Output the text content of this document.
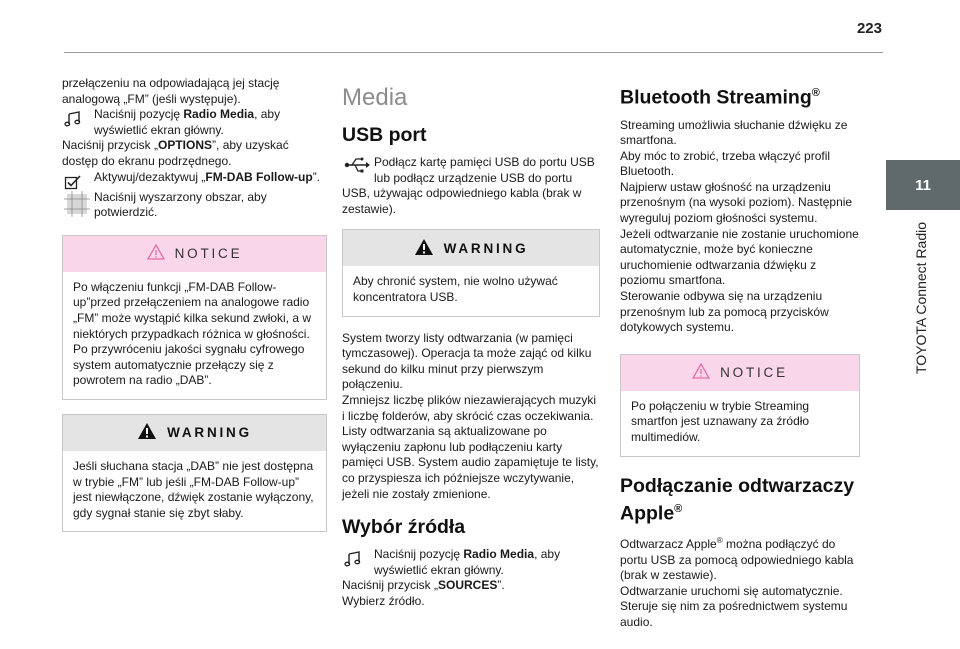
223
11
TOYOTA Connect Radio

przełączeniu na odpowiadającą jej stację analogową „FM” (jeśli występuje).

Naciśnij pozycję Radio Media, aby wyświetlić ekran główny.

Naciśnij przycisk „OPTIONS”, aby uzyskać dostęp do ekranu podrzędnego.

Aktywuj/dezaktywuj „FM-DAB Follow-up”.
Naciśnij wyszarzony obszar, aby potwierdzić.
NOTICE
Po włączeniu funkcji „FM-DAB Follow-up”przed przełączeniem na analogowe radio „FM” może wystąpić kilka sekund zwłoki, a w niektórych przypadkach różnica w głośności. Po przywróceniu jakości sygnału cyfrowego system automatycznie przełączy się z powrotem na radio „DAB”.
WARNING
Jeśli słuchana stacja „DAB” nie jest dostępna w trybie „FM” lub jeśli „FM-DAB Follow-up” jest niewłączone, dźwięk zostanie wyłączony, gdy sygnał stanie się zbyt słaby.
Media
USB port
Podłącz kartę pamięci USB do portu USB lub podłącz urządzenie USB do portu

USB, używając odpowiedniego kabla (brak w zestawie).

WARNING
Aby chronić system, nie wolno używać koncentratora USB.

System tworzy listy odtwarzania (w pamięci tymczasowej). Operacja ta może zająć od kilku sekund do kilku minut przy pierwszym połączeniu.

Zmniejsz liczbę plików niezawierających muzyki i liczbę folderów, aby skrócić czas oczekiwania.

Listy odtwarzania są aktualizowane po wyłączeniu zapłonu lub podłączeniu karty pamięci USB. System audio zapamiętuje te listy, co przyspiesza ich późniejsze wczytywanie, jeżeli nie zostały zmienione.

Wybór źródła
Naciśnij pozycję Radio Media, aby wyświetlić ekran główny.

Naciśnij przycisk „SOURCES”.

Wybierz źródło.

Bluetooth Streaming®

Streaming umożliwia słuchanie dźwięku ze smartfona.

Aby móc to zrobić, trzeba włączyć profil Bluetooth.

Najpierw ustaw głośność na urządzeniu przenośnym (na wysoki poziom). Następnie wyreguluj poziom głośności systemu.

Jeżeli odtwarzanie nie zostanie uruchomione automatycznie, może być konieczne uruchomienie odtwarzania dźwięku z poziomu smartfona.

Sterowanie odbywa się na urządzeniu przenośnym lub za pomocą przycisków dotykowych systemu.

NOTICE
Po połączeniu w trybie Streaming smartfon jest uznawany za źródło multimediów.
Podłączanie odtwarzaczy
Apple®

Odtwarzacz Apple® można podłączyć do portu USB za pomocą odpowiedniego kabla (brak w zestawie).

Odtwarzanie uruchomi się automatycznie.

Steruje się nim za pośrednictwem systemu audio.
